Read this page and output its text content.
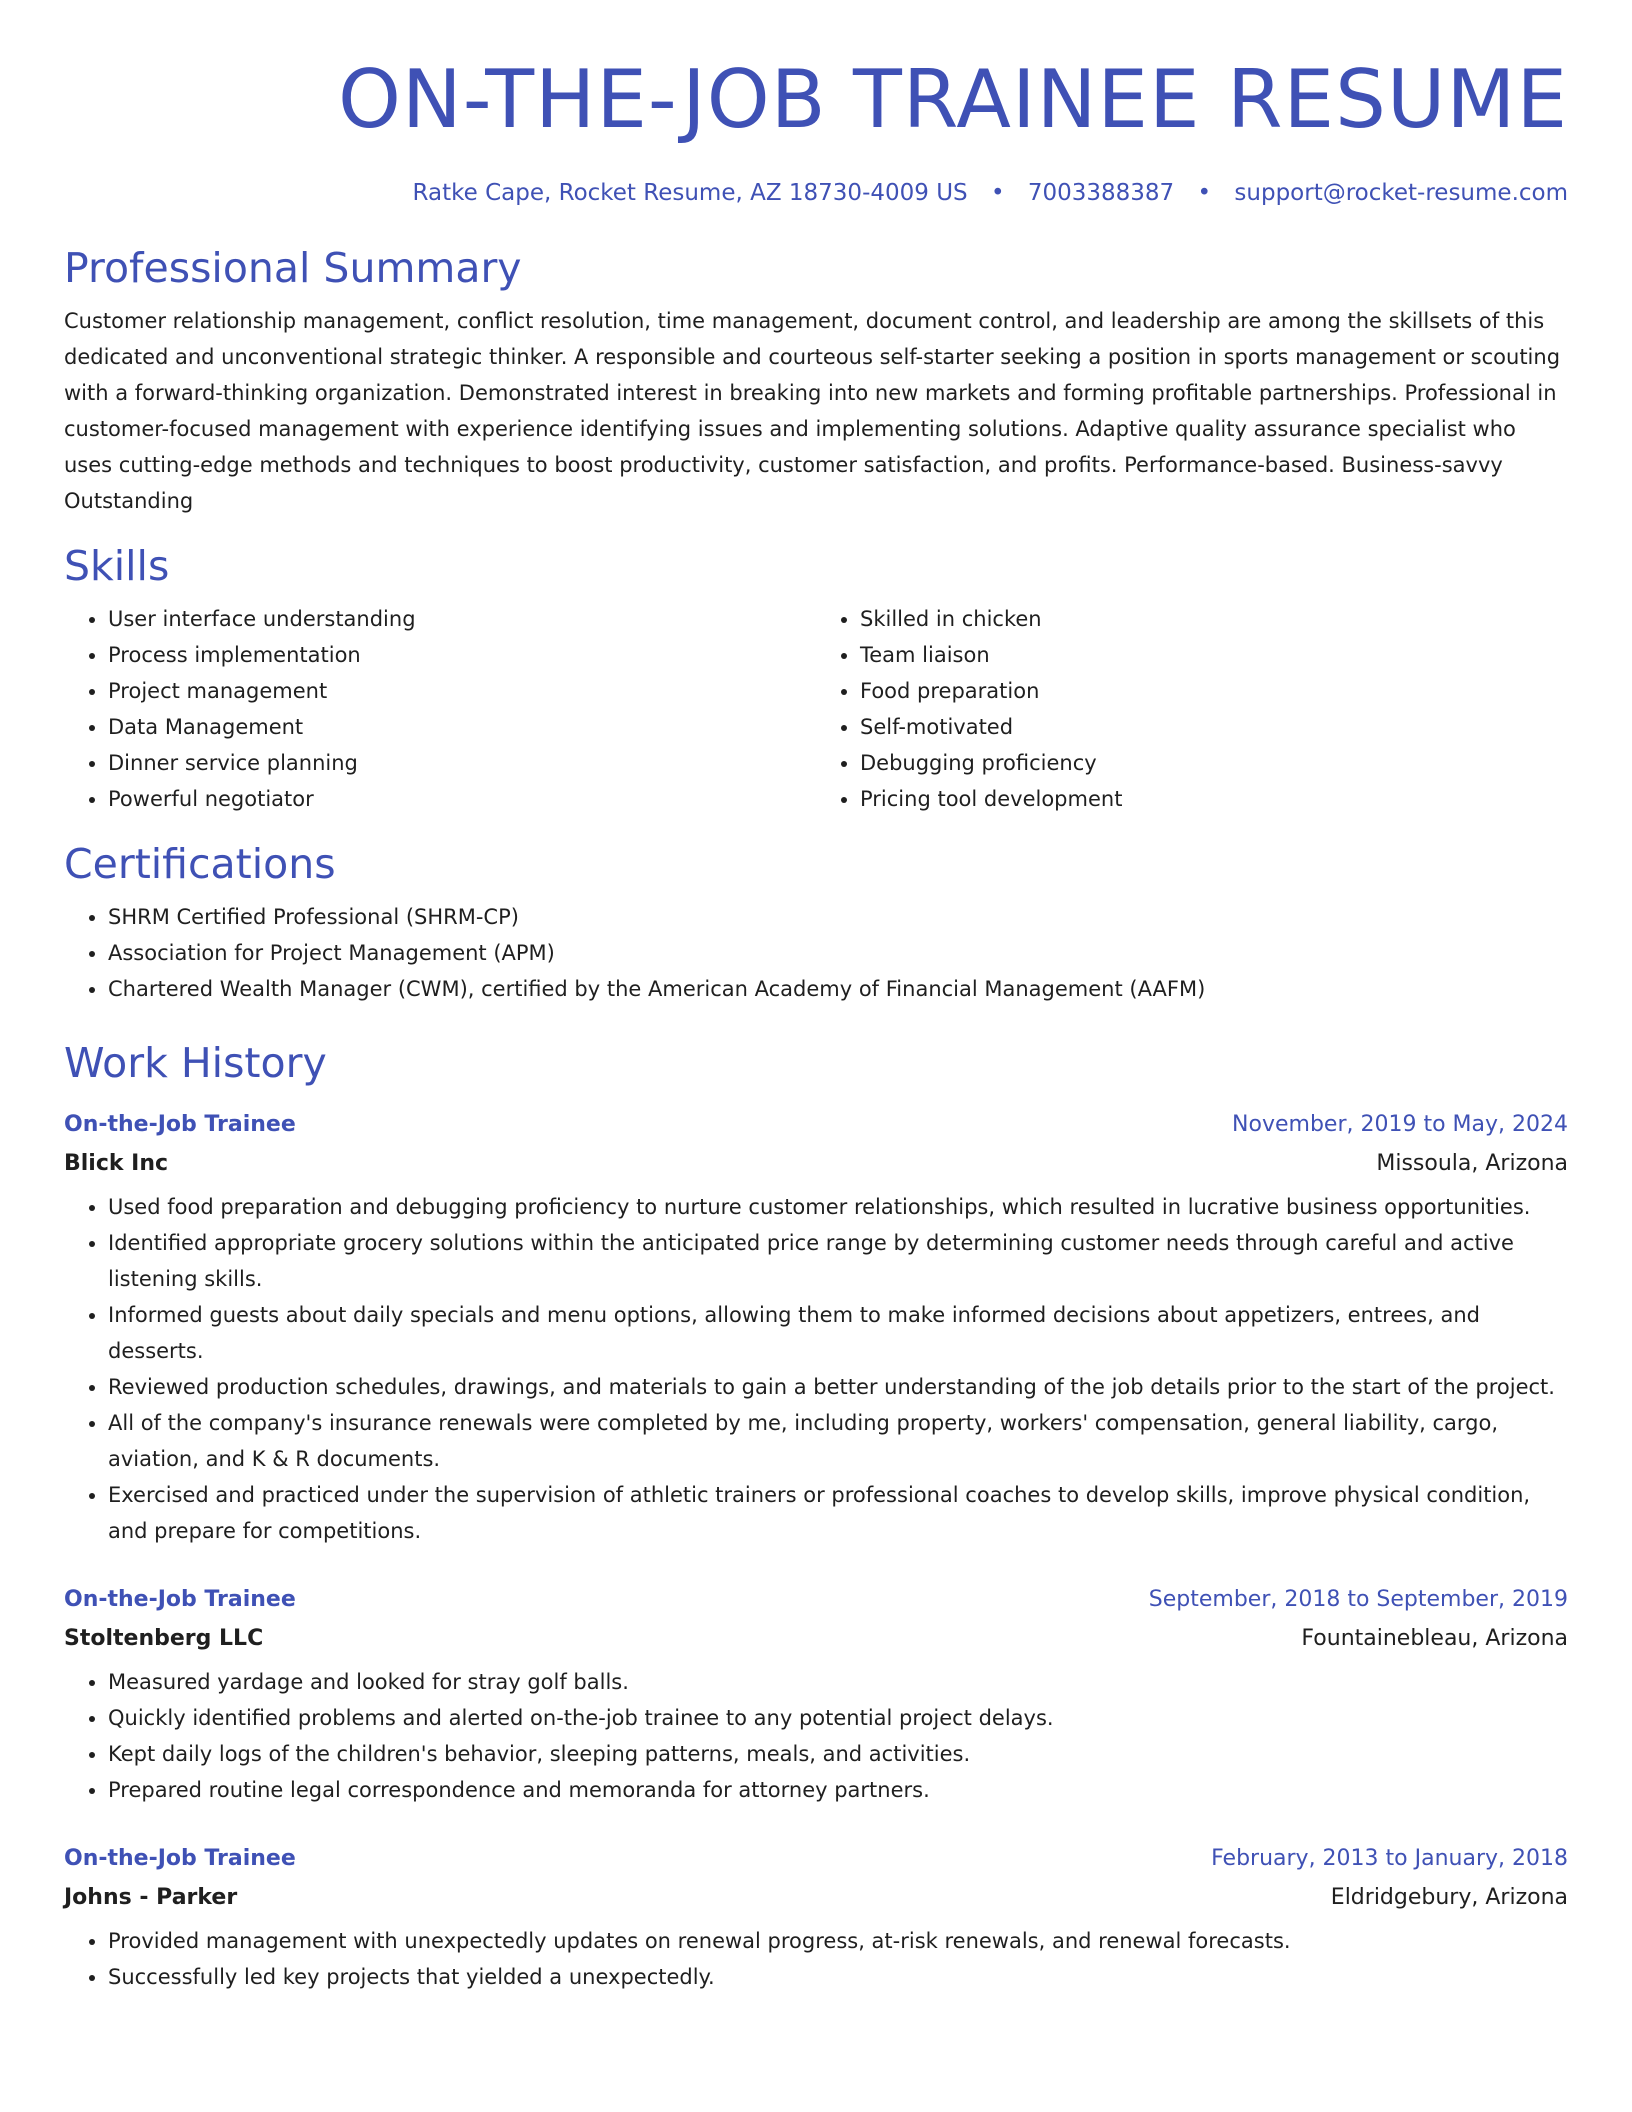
ON-THE-JOB TRAINEE RESUME
Ratke Cape, Rocket Resume, AZ 18730-4009 US • 7003388387 • support@rocket-resume.com
Professional Summary

Customer relationship management, conflict resolution, time management, document control, and leadership are among the skillsets of this dedicated and unconventional strategic thinker. A responsible and courteous self-starter seeking a position in sports management or scouting with a forward-thinking organization. Demonstrated interest in breaking into new markets and forming profitable partnerships. Professional in customer-focused management with experience identifying issues and implementing solutions. Adaptive quality assurance specialist who uses cutting-edge methods and techniques to boost productivity, customer satisfaction, and profits. Performance-based. Business-savvy Outstanding

Skills
• User interface understanding
• Process implementation
• Project management
• Data Management
• Dinner service planning
• Powerful negotiator
• Skilled in chicken
• Team liaison
• Food preparation
• Self-motivated
• Debugging proficiency
• Pricing tool development
Certifications
• SHRM Certified Professional (SHRM-CP)
• Association for Project Management (APM)
• Chartered Wealth Manager (CWM), certified by the American Academy of Financial Management (AAFM)
Work History
On-the-Job Trainee	November, 2019 to May, 2024
Blick Inc	Missoula, Arizona
• Used food preparation and debugging proficiency to nurture customer relationships, which resulted in lucrative business opportunities.
• Identified appropriate grocery solutions within the anticipated price range by determining customer needs through careful and active listening skills.
• Informed guests about daily specials and menu options, allowing them to make informed decisions about appetizers, entrees, and desserts.
• Reviewed production schedules, drawings, and materials to gain a better understanding of the job details prior to the start of the project.
• All of the company's insurance renewals were completed by me, including property, workers' compensation, general liability, cargo, aviation, and K & R documents.
• Exercised and practiced under the supervision of athletic trainers or professional coaches to develop skills, improve physical condition, and prepare for competitions.
On-the-Job Trainee	September, 2018 to September, 2019
Stoltenberg LLC	Fountainebleau, Arizona
• Measured yardage and looked for stray golf balls.
• Quickly identified problems and alerted on-the-job trainee to any potential project delays.
• Kept daily logs of the children's behavior, sleeping patterns, meals, and activities.
• Prepared routine legal correspondence and memoranda for attorney partners.
On-the-Job Trainee	February, 2013 to January, 2018
Johns - Parker	Eldridgebury, Arizona
• Provided management with unexpectedly updates on renewal progress, at-risk renewals, and renewal forecasts.
• Successfully led key projects that yielded a unexpectedly.
